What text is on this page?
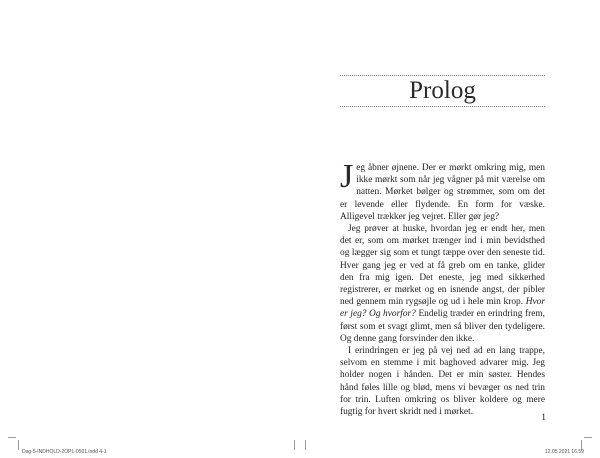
Prolog

Jeg åbner øjnene. Der er mørkt omkring mig, men ikke mørkt som når jeg vågner på mit værelse om natten. Mørket bølger og strømmer, som om det er levende eller flydende. En form for væske. Alligevel trækker jeg vejret. Eller gør jeg?

Jeg prøver at huske, hvordan jeg er endt her, men det er, som om mørket trænger ind i min bevidsthed og lægger sig som et tungt tæppe over den seneste tid. Hver gang jeg er ved at få greb om en tanke, glider den fra mig igen. Det eneste, jeg med sikkerhed registrerer, er mørket og en isnende angst, der pibler ned gennem min rygsøjle og ud i hele min krop. Hvor er jeg? Og hvorfor? Endelig træder en erindring frem, først som et svagt glimt, men så bliver den tydeligere. Og denne gang forsvinder den ikke.

I erindringen er jeg på vej ned ad en lang trappe, selvom en stemme i mit baghoved advarer mig. Jeg holder nogen i hånden. Det er min søster. Hendes hånd føles lille og blød, mens vi bevæger os ned trin for trin. Luften omkring os bliver koldere og mere fugtig for hvert skridt ned i mørket.

1
Dag-5-INDHOLD-2OPL-0501.indd 4-1	12.05.2021 16.59
